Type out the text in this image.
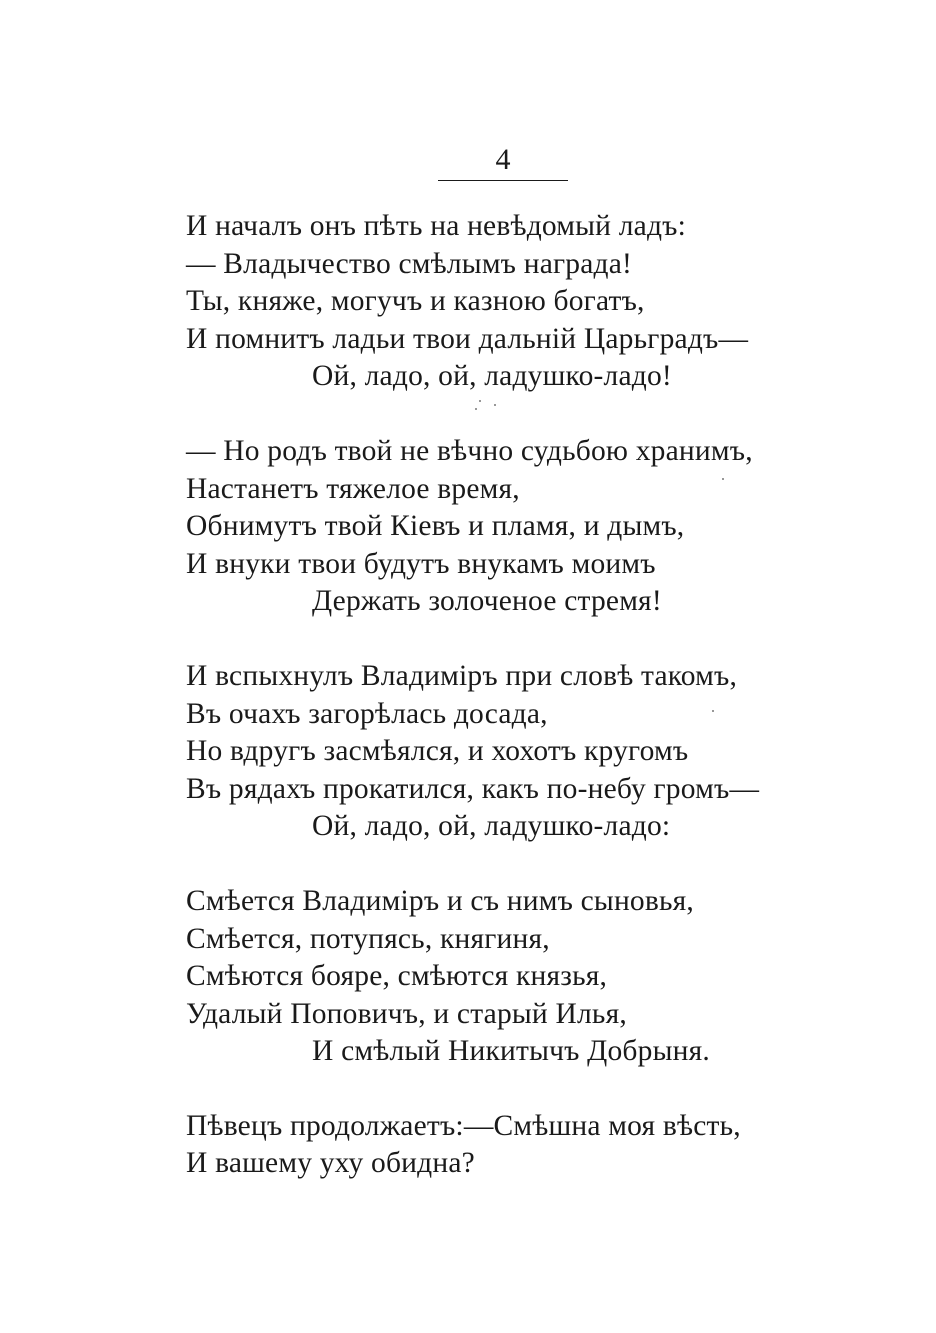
4
И началъ онъ пѣть на невѣдомый ладъ:
— Владычество смѣлымъ награда!
Ты, княже, могучъ и казною богатъ,
И помнитъ ладьи твои дальній Царьградъ—
Ой, ладо, ой, ладушко-ладо!
— Но родъ твой не вѣчно судьбою хранимъ,
Настанетъ тяжелое время,
Обнимутъ твой Кіевъ и пламя, и дымъ,
И внуки твои будутъ внукамъ моимъ
Держать золоченое стремя!
И вспыхнулъ Владиміръ при словѣ такомъ,
Въ очахъ загорѣлась досада,
Но вдругъ засмѣялся, и хохотъ кругомъ
Въ рядахъ прокатился, какъ по-небу громъ—
Ой, ладо, ой, ладушко-ладо:
Смѣется Владиміръ и съ нимъ сыновья,
Смѣется, потупясь, княгиня,
Смѣются бояре, смѣются князья,
Удалый Поповичъ, и старый Илья,
И смѣлый Никитычъ Добрыня.
Пѣвецъ продолжаетъ:—Смѣшна моя вѣсть,
И вашему уху обидна?
